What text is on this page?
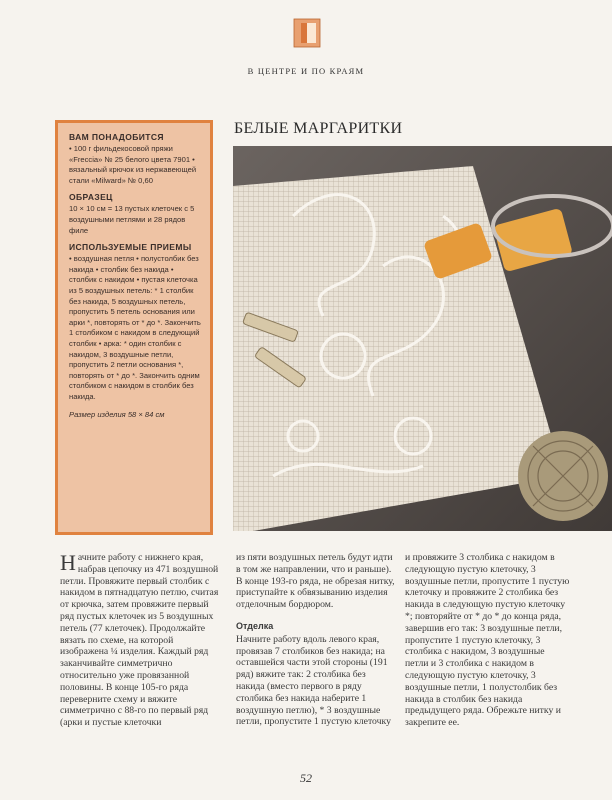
В ЦЕНТРЕ И ПО КРАЯМ
БЕЛЫЕ МАРГАРИТКИ
ВАМ ПОНАДОБИТСЯ

• 100 г фильдекосовой пряжи «Freccia» № 25 белого цвета 7901 • вязальный крючок из нержавеющей стали «Milward» № 0,60

ОБРАЗЕЦ

10 × 10 см = 13 пустых клеточек с 5 воздушными петлями и 28 рядов филе

ИСПОЛЬЗУЕМЫЕ ПРИЕМЫ

• воздушная петля • полустолбик без накида • столбик без накида • столбик с накидом • пустая клеточка из 5 воздушных петель: * 1 столбик без накида, 5 воздушных петель, пропустить 5 петель основания или арки *, повторять от * до *. Закончить 1 столбиком с накидом в следующий столбик • арка: * один столбик с накидом, 3 воздушные петли, пропустить 2 петли основания *, повторять от * до *. Закончить одним столбиком с накидом в столбик без накида.

Размер изделия 58 × 84 см

Начните работу с нижнего края, набрав цепочку из 471 воздушной петли. Провяжите первый столбик с накидом в пятнадцатую петлю, считая от крючка, затем провяжите первый ряд пустых клеточек из 5 воздушных петель (77 клеточек). Продолжайте вязать по схеме, на которой изображена ¼ изделия. Каждый ряд заканчивайте симметрично относительно уже провязанной половины. В конце 105-го ряда переверните схему и вяжите симметрично с 88-го по первый ряд (арки и пустые клеточки

из пяти воздушных петель будут идти в том же направлении, что и раньше). В конце 193-го ряда, не обрезая нитку, приступайте к обвязыванию изделия отделочным бордюром.

Отделка

Начните работу вдоль левого края, провязав 7 столбиков без накида; на оставшейся части этой стороны (191 ряд) вяжите так: 2 столбика без накида (вместо первого в ряду столбика без накида наберите 1 воздушную петлю), * 3 воздушные петли, пропустите 1 пустую клеточку

и провяжите 3 столбика с накидом в следующую пустую клеточку, 3 воздушные петли, пропустите 1 пустую клеточку и провяжите 2 столбика без накида в следующую пустую клеточку *; повторяйте от * до * до конца ряда, завершив его так: 3 воздушные петли, пропустите 1 пустую клеточку, 3 столбика с накидом, 3 воздушные петли и 3 столбика с накидом в следующую пустую клеточку, 3 воздушные петли, 1 полустолбик без накида в столбик без накида предыдущего ряда. Обрежьте нитку и закрепите ее.

52
